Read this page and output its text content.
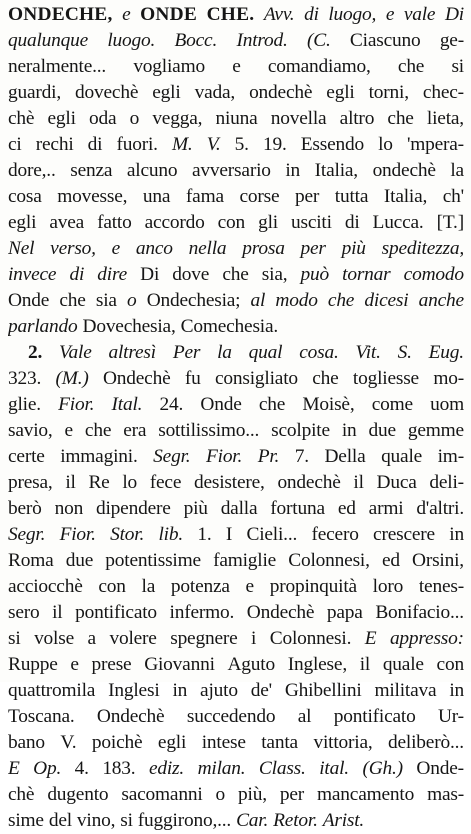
ONDECHE, e ONDE CHE. Avv. di luogo, e vale Di
qualunque luogo. Bocc. Introd. (C. Ciascuno ge-
neralmente... vogliamo e comandiamo, che si
guardi, dovechè egli vada, ondechè egli torni, chec-
chè egli oda o vegga, niuna novella altro che lieta,
ci rechi di fuori. M. V. 5. 19. Essendo lo 'mpera-
dore,.. senza alcuno avversario in Italia, ondechè la
cosa movesse, una fama corse per tutta Italia, ch'
egli avea fatto accordo con gli usciti di Lucca. [T.]
Nel verso, e anco nella prosa per più speditezza,
invece di dire Di dove che sia, può tornar comodo
Onde che sia o Ondechesia; al modo che dicesi anche
parlando Dovechesia, Comechesia.
2. Vale altresì Per la qual cosa. Vit. S. Eug.
323. (M.) Ondechè fu consigliato che togliesse mo-
glie. Fior. Ital. 24. Onde che Moisè, come uom
savio, e che era sottilissimo... scolpite in due gemme
certe immagini. Segr. Fior. Pr. 7. Della quale im-
presa, il Re lo fece desistere, ondechè il Duca deli-
berò non dipendere più dalla fortuna ed armi d'altri.
Segr. Fior. Stor. lib. 1. I Cieli... fecero crescere in
Roma due potentissime famiglie Colonnesi, ed Orsini,
acciocchè con la potenza e propinquità loro tenes-
sero il pontificato infermo. Ondechè papa Bonifacio...
si volse a volere spegnere i Colonnesi. E appresso:
Ruppe e prese Giovanni Aguto Inglese, il quale con
quattromila Inglesi in ajuto de' Ghibellini militava in
Toscana. Ondechè succedendo al pontificato Ur-
bano V. poichè egli intese tanta vittoria, deliberò...
E Op. 4. 183. ediz. milan. Class. ital. (Gh.) Onde-
chè dugento sacomanni o più, per mancamento mas-
sime del vino, si fuggirono,... Car. Retor. Arist.
